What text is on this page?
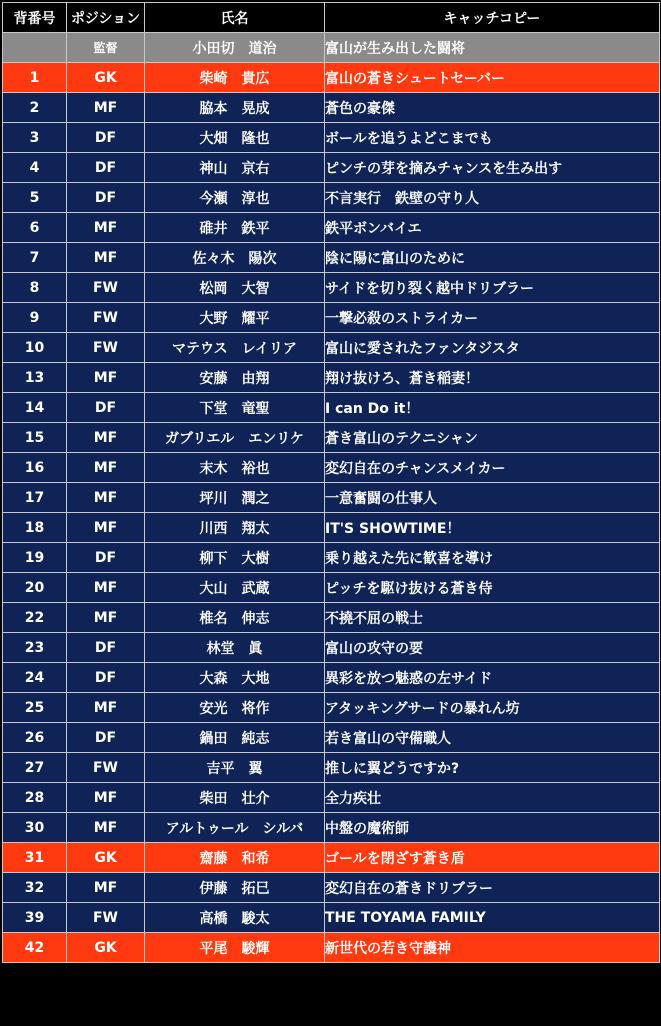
背番号	ポジション	氏名	キャッチコピー
	監督	小田切　道治	富山が生み出した闘将
1	GK	柴崎　貴広	富山の蒼きシュートセーバー
2	MF	脇本　晃成	蒼色の豪傑
3	DF	大畑　隆也	ボールを追うよどこまでも
4	DF	神山　京右	ピンチの芽を摘みチャンスを生み出す
5	DF	今瀬　淳也	不言実行　鉄壁の守り人
6	MF	碓井　鉄平	鉄平ボンバイエ
7	MF	佐々木　陽次	陰に陽に富山のために
8	FW	松岡　大智	サイドを切り裂く越中ドリブラー
9	FW	大野　耀平	一撃必殺のストライカー
10	FW	マテウス　レイリア	富山に愛されたファンタジスタ
13	MF	安藤　由翔	翔け抜けろ、蒼き稲妻！
14	DF	下堂　竜聖	I can Do it！
15	MF	ガブリエル　エンリケ	蒼き富山のテクニシャン
16	MF	末木　裕也	変幻自在のチャンスメイカー
17	MF	坪川　潤之	一意奮闘の仕事人
18	MF	川西　翔太	IT'S SHOWTIME！
19	DF	柳下　大樹	乗り越えた先に歓喜を導け
20	MF	大山　武蔵	ピッチを駆け抜ける蒼き侍
22	MF	椎名　伸志	不撓不屈の戦士
23	DF	林堂　眞	富山の攻守の要
24	DF	大森　大地	異彩を放つ魅惑の左サイド
25	MF	安光　将作	アタッキングサードの暴れん坊
26	DF	鍋田　純志	若き富山の守備職人
27	FW	吉平　翼	推しに翼どうですか?
28	MF	柴田　壮介	全力疾壮
30	MF	アルトゥール　シルバ	中盤の魔術師
31	GK	齋藤　和希	ゴールを閉ざす蒼き盾
32	MF	伊藤　拓巳	変幻自在の蒼きドリブラー
39	FW	高橋　駿太	THE TOYAMA FAMILY
42	GK	平尾　駿輝	新世代の若き守護神
